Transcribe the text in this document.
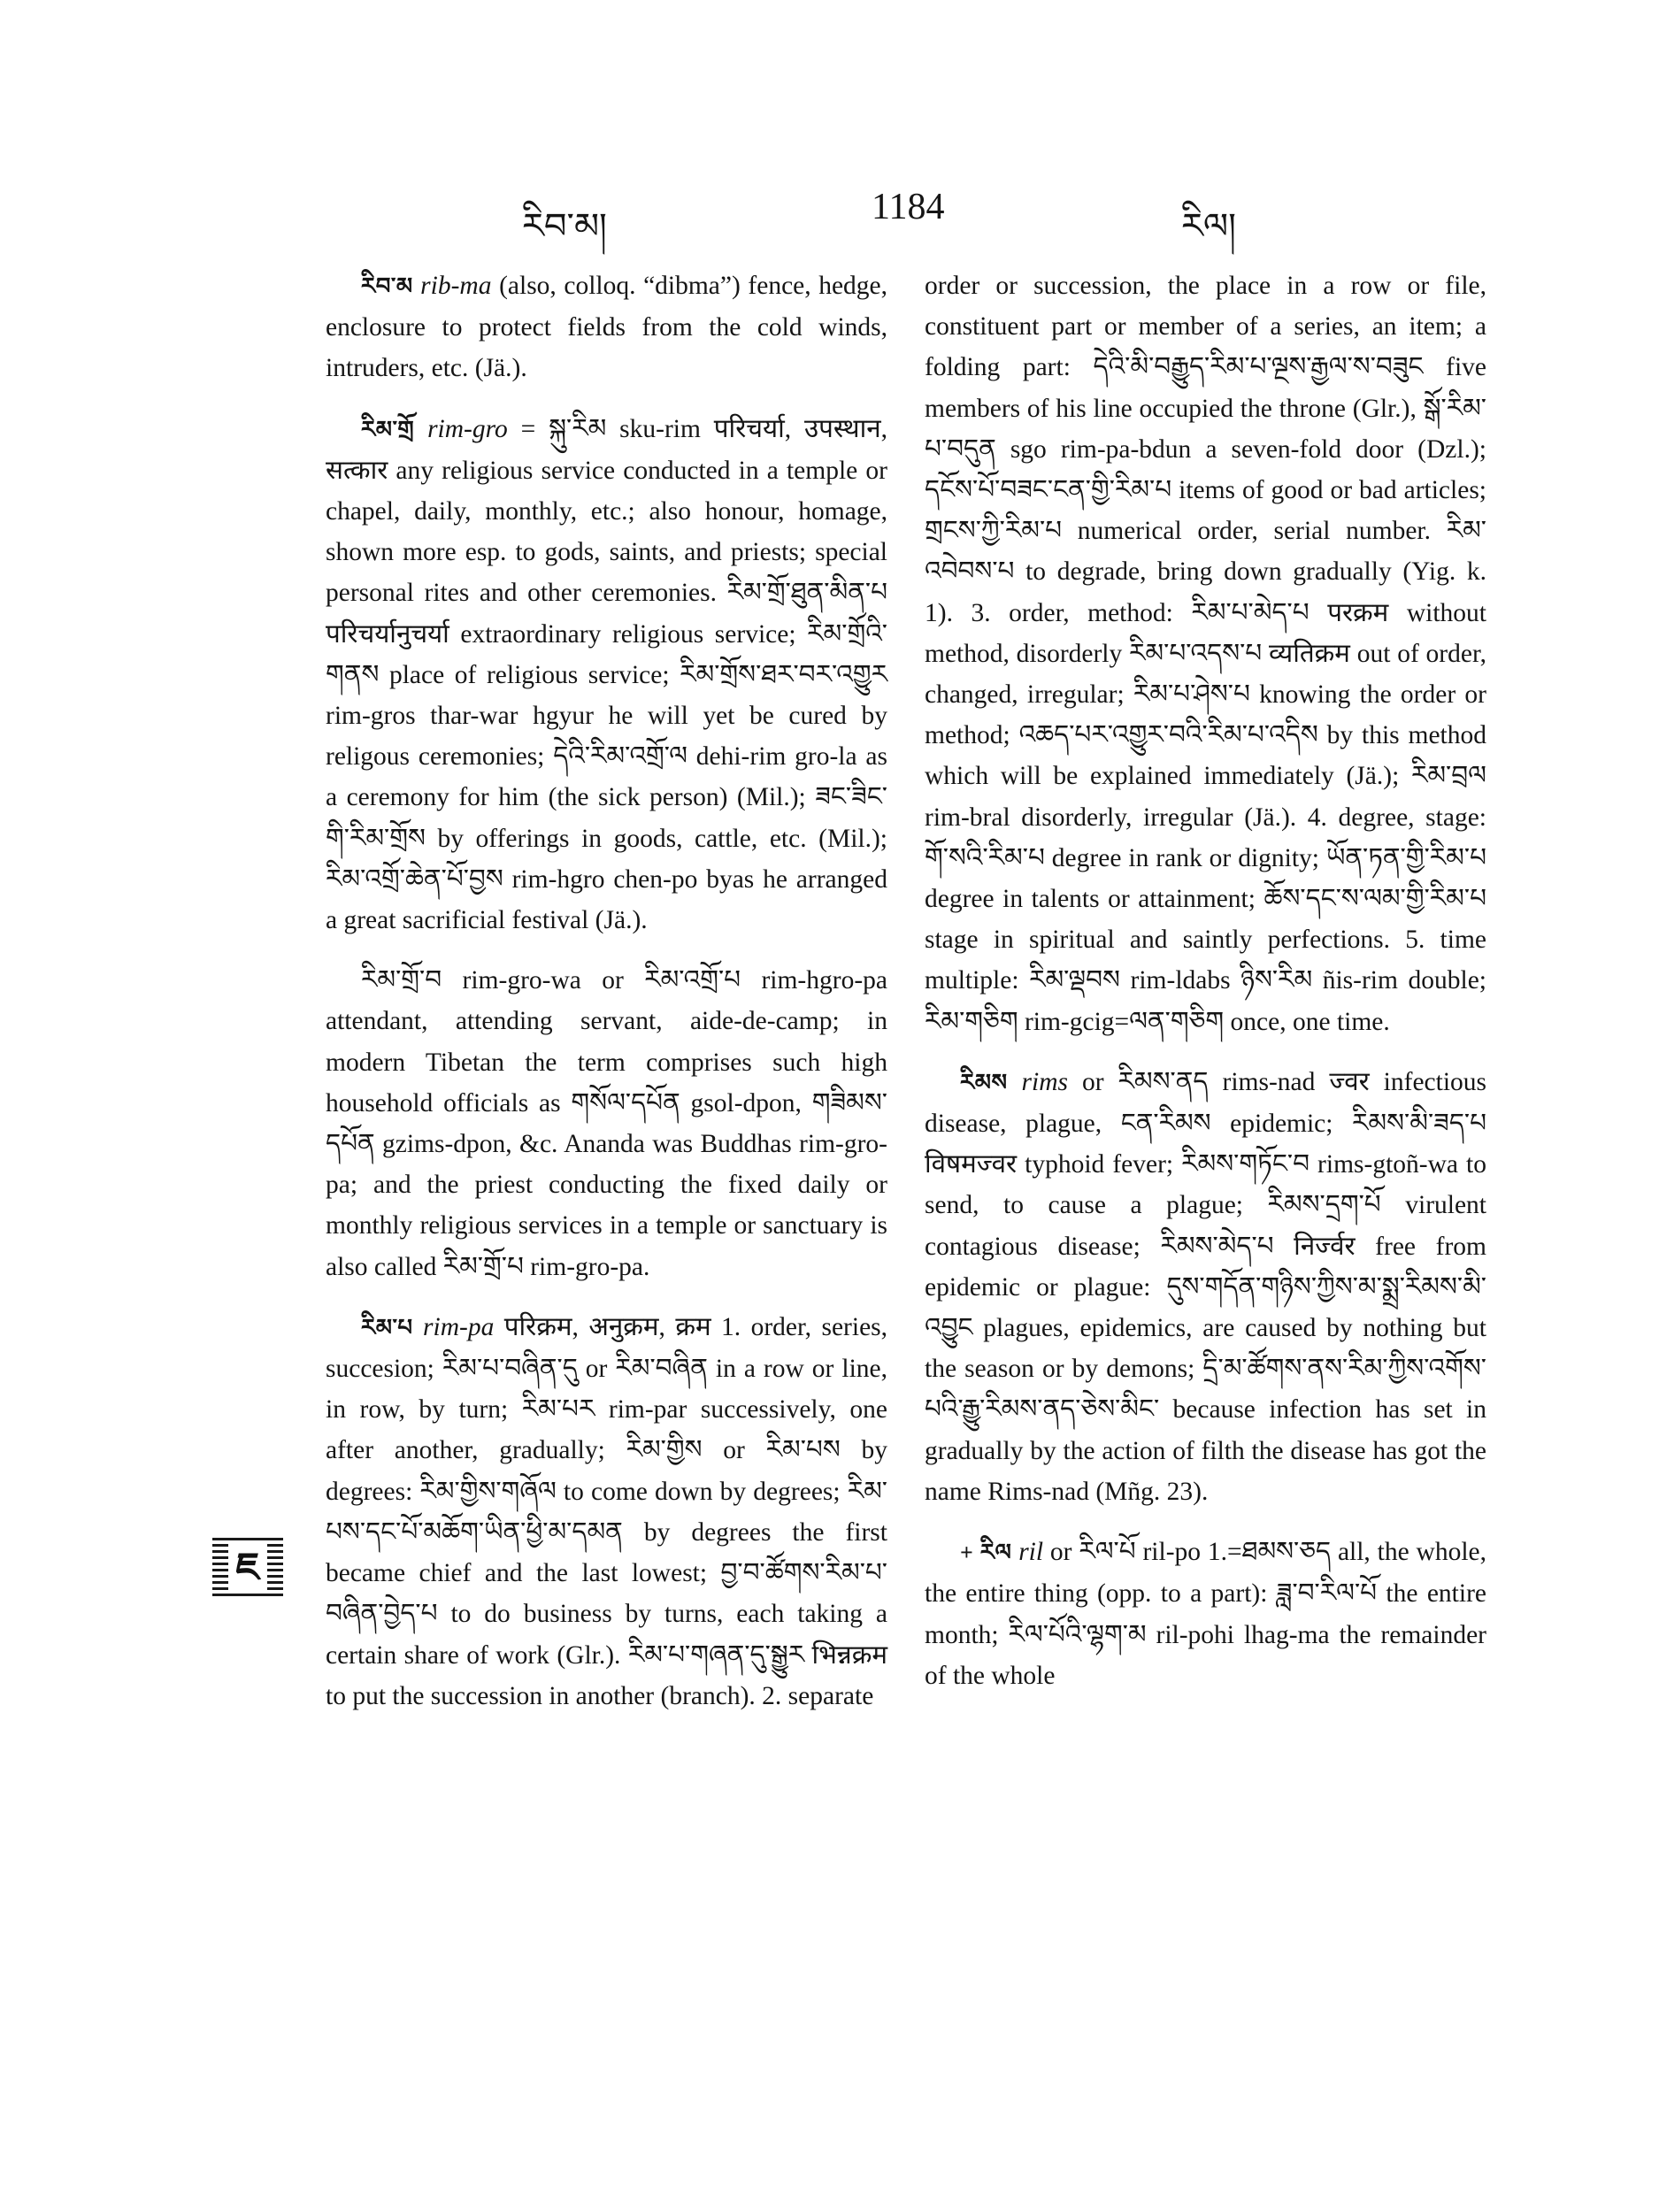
རིབ་མ།	1184	རིལ།
ཇ

རིབ་མ rib-ma (also, colloq. “dibma”) fence, hedge, enclosure to protect fields from the cold winds, intruders, etc. (Jä.).

རིམ་གྲོ rim-gro = སྐུ་རིམ sku-rim परिचर्या, उपस्थान, सत्कार any religious service conducted in a temple or chapel, daily, monthly, etc.; also honour, homage, shown more esp. to gods, saints, and priests; special personal rites and other ceremonies. རིམ་གྲོ་ཐུན་མིན་པ परिचर्यानुचर्या extraordinary religious service; རིམ་གྲོའི་གནས place of religious service; རིམ་གྲོས་ཐར་བར་འགྱུར rim-gros thar-war hgyur he will yet be cured by religous ceremonies; དེའི་རིམ་འགྲོ་ལ dehi-rim gro-la as a ceremony for him (the sick person) (Mil.); ཟང་ཟིང་གི་རིམ་གྲོས by offerings in goods, cattle, etc. (Mil.); རིམ་འགྲོ་ཆེན་པོ་བྱས rim-hgro chen-po byas he arranged a great sacrificial festival (Jä.).

རིམ་གྲོ་བ rim-gro-wa or རིམ་འགྲོ་པ rim-hgro-pa attendant, attending servant, aide-de-camp; in modern Tibetan the term comprises such high household officials as གསོལ་དཔོན gsol-dpon, གཟིམས་དཔོན gzims-dpon, &c. Ananda was Buddhas rim-gro-pa; and the priest conducting the fixed daily or monthly religious services in a temple or sanctuary is also called རིམ་གྲོ་པ rim-gro-pa.

རིམ་པ rim-pa परिक्रम, अनुक्रम, क्रम 1. order, series, succesion; རིམ་པ་བཞིན་དུ or རིམ་བཞིན in a row or line, in row, by turn; རིམ་པར rim-par successively, one after another, gradually; རིམ་གྱིས or རིམ་པས by degrees: རིམ་གྱིས་གཞོལ to come down by degrees; རིམ་པས་དང་པོ་མཆོག་ཡིན་ཕྱི་མ་དམན by degrees the first became chief and the last lowest; བྱ་བ་ཚོགས་རིམ་པ་བཞིན་བྱེད་པ to do business by turns, each taking a certain share of work (Glr.). རིམ་པ་གཞན་དུ་སྒྱུར भिन्नक्रम to put the succession in another (branch). 2. separate

order or succession, the place in a row or file, constituent part or member of a series, an item; a folding part: དེའི་མི་བརྒྱུད་རིམ་པ་ལྔས་རྒྱལ་ས་བཟུང five members of his line occupied the throne (Glr.), སྒོ་རིམ་པ་བདུན sgo rim-pa-bdun a seven-fold door (Dzl.); དངོས་པོ་བཟང་ངན་གྱི་རིམ་པ items of good or bad articles; གྲངས་ཀྱི་རིམ་པ numerical order, serial number. རིམ་འབེབས་པ to degrade, bring down gradually (Yig. k. 1). 3. order, method: རིམ་པ་མེད་པ परक्रम without method, disorderly རིམ་པ་འདས་པ व्यतिक्रम out of order, changed, irregular; རིམ་པ་ཤེས་པ knowing the order or method; འཆད་པར་འགྱུར་བའི་རིམ་པ་འདིས by this method which will be explained immediately (Jä.); རིམ་བྲལ rim-bral disorderly, irregular (Jä.). 4. degree, stage: གོ་སའི་རིམ་པ degree in rank or dignity; ཡོན་ཏན་གྱི་རིམ་པ degree in talents or attainment; ཆོས་དང་ས་ལམ་གྱི་རིམ་པ stage in spiritual and saintly perfections. 5. time multiple: རིམ་ལྡབས rim-ldabs ཉིས་རིམ ñis-rim double; རིམ་གཅིག rim-gcig=ལན་གཅིག once, one time.

རིམས rims or རིམས་ནད rims-nad ज्वर infectious disease, plague, ངན་རིམས epidemic; རིམས་མི་ཟད་པ विषमज्वर typhoid fever; རིམས་གཏོང་བ rims-gtoñ-wa to send, to cause a plague; རིམས་དྲག་པོ virulent contagious disease; རིམས་མེད་པ निर्ज्वर free from epidemic or plague: དུས་གདོན་གཉིས་ཀྱིས་མ་སྨྲ་རིམས་མི་འབྱུང plagues, epidemics, are caused by nothing but the season or by demons; དྲི་མ་ཚོགས་ནས་རིམ་ཀྱིས་འགོས་པའི་རྒྱུ་རིམས་ནད་ཅེས་མིང་ because infection has set in gradually by the action of filth the disease has got the name Rims-nad (Mñg. 23).

+ རིལ ril or རིལ་པོ ril-po 1.=ཐམས་ཅད all, the whole, the entire thing (opp. to a part): ཟླ་བ་རིལ་པོ the entire month; རིལ་པོའི་ལྷག་མ ril-pohi lhag-ma the remainder of the whole
